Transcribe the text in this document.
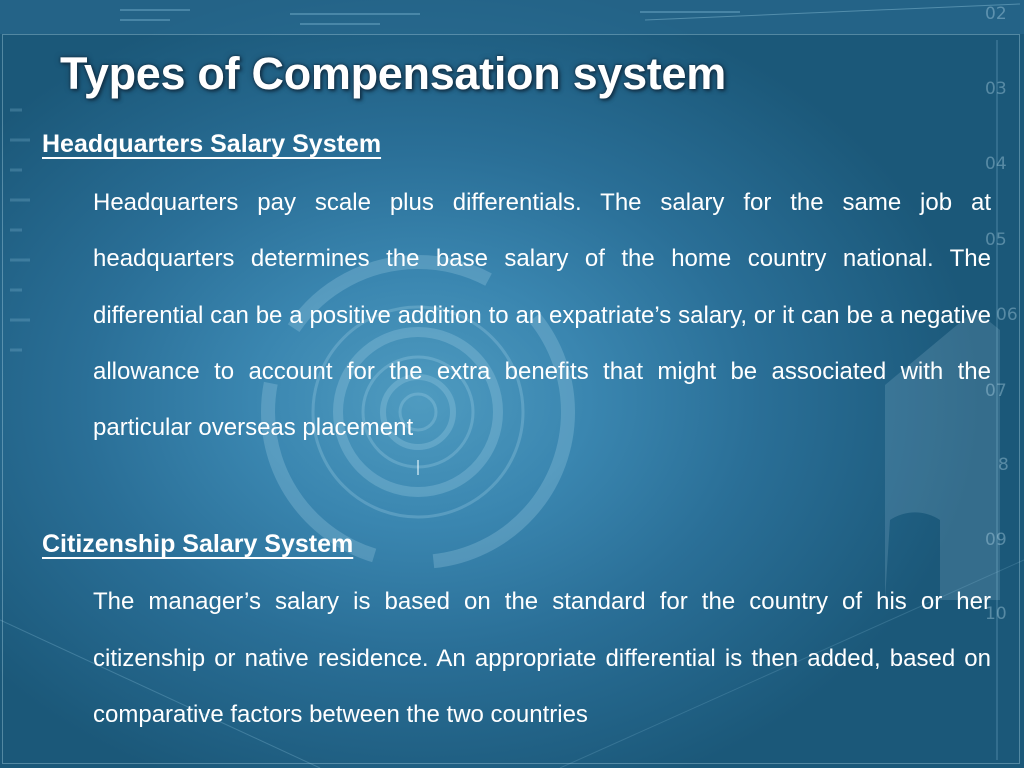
02
03
04
05
06
07
8
09
10
Types of Compensation system
Headquarters Salary System

Headquarters pay scale plus differentials. The salary for the same job at headquarters determines the base salary of the home country national. The differential can be a positive addition to an expatriate’s salary, or it can be a negative allowance to account for the extra benefits that might be associated with the particular overseas placement

Citizenship Salary System

The manager’s salary is based on the standard for the country of his or her citizenship or native residence. An appropriate differential is then added, based on comparative factors between the two countries
